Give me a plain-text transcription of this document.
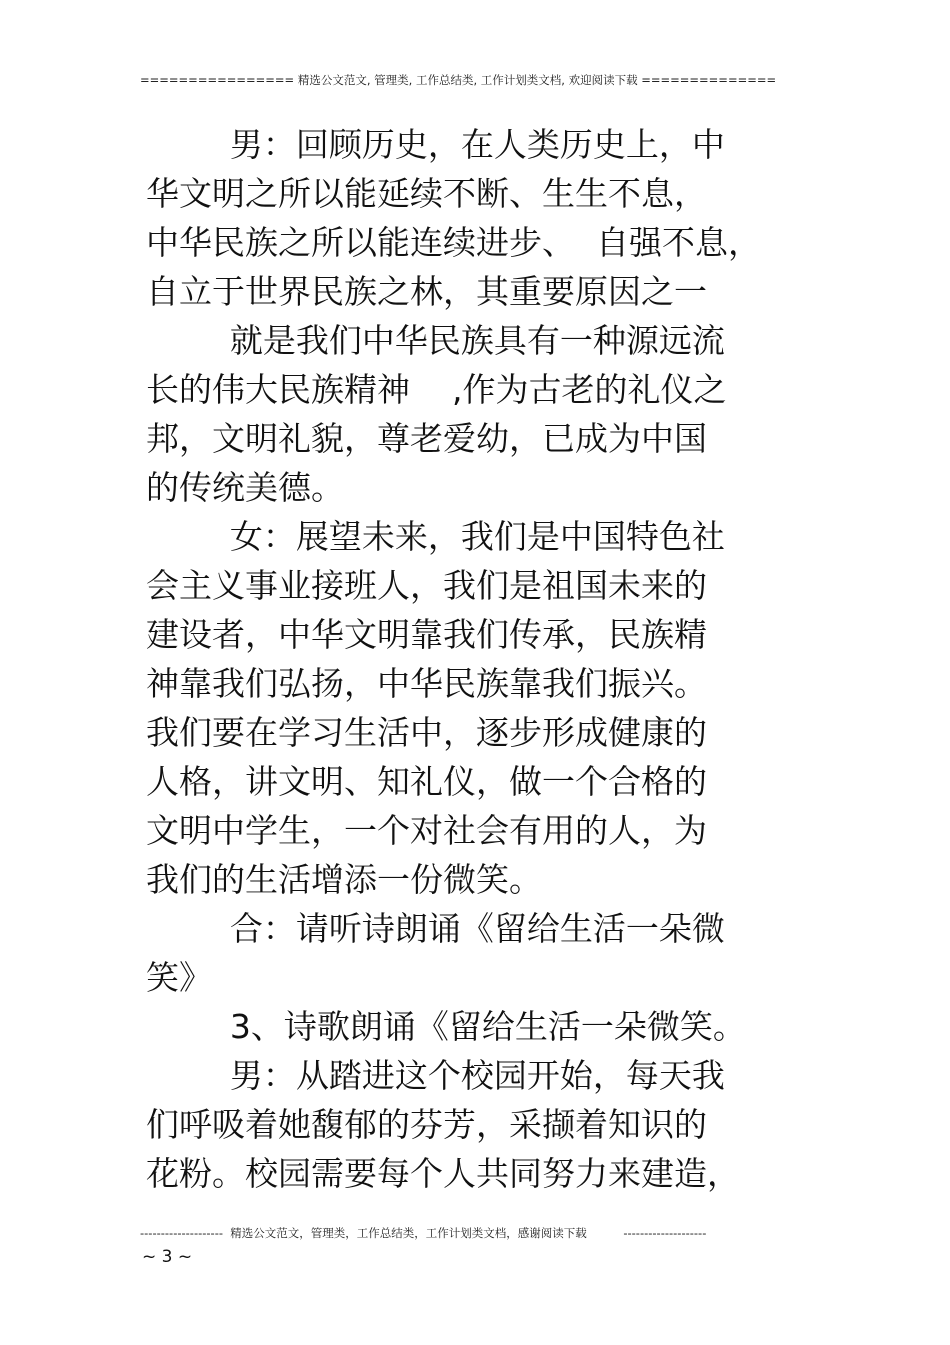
================ 精选公文范文, 管理类, 工作总结类, 工作计划类文档, 欢迎阅读下载 ==============

男：回顾历史，在人类历史上，中

华文明之所以能延续不断、生生不息，

中华民族之所以能连续进步、  自强不息，

自立于世界民族之林，其重要原因之一

就是我们中华民族具有一种源远流

长的伟大民族精神    ,作为古老的礼仪之

邦，文明礼貌，尊老爱幼，已成为中国

的传统美德。

女：展望未来，我们是中国特色社

会主义事业接班人，我们是祖国未来的

建设者，中华文明靠我们传承，民族精

神靠我们弘扬，中华民族靠我们振兴。

我们要在学习生活中，逐步形成健康的

人格，讲文明、知礼仪，做一个合格的

文明中学生，一个对社会有用的人，为

我们的生活增添一份微笑。

合：请听诗朗诵《留给生活一朵微

笑》

3、诗歌朗诵《留给生活一朵微笑。

男：从踏进这个校园开始，每天我

们呼吸着她馥郁的芬芳，采撷着知识的

花粉。校园需要每个人共同努力来建造，

--------------------  精选公文范文，管理类，工作总结类，工作计划类文档，感谢阅读下载          --------------------
~ 3 ~
